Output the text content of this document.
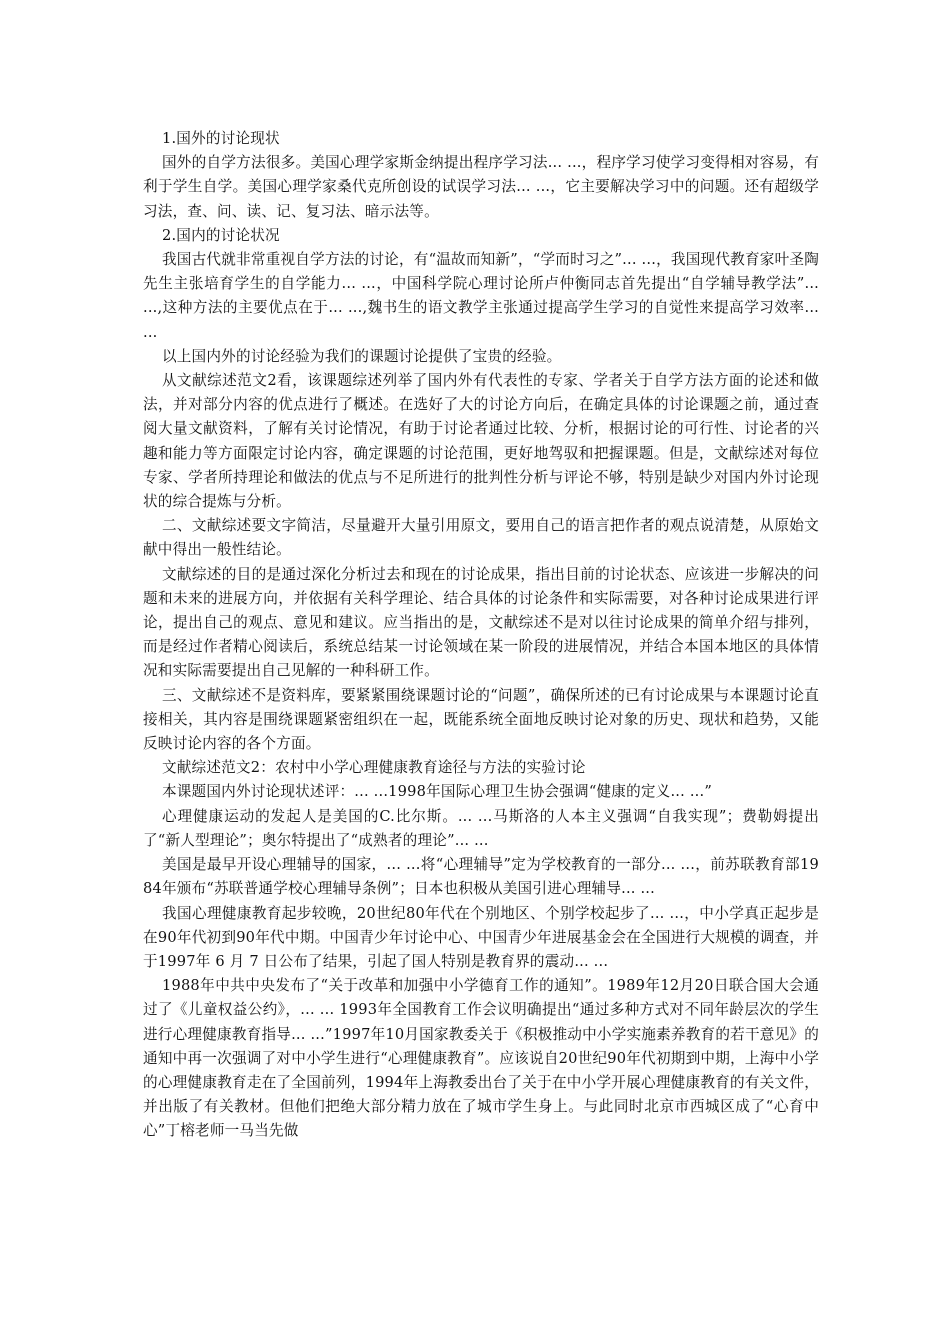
1.国外的讨论现状

国外的自学方法很多。美国心理学家斯金纳提出程序学习法... ...，程序学习使学习变得相对容易，有利于学生自学。美国心理学家桑代克所创设的试误学习法... ...，它主要解决学习中的问题。还有超级学习法，查、问、读、记、复习法、暗示法等。

2.国内的讨论状况

我国古代就非常重视自学方法的讨论，有“温故而知新”，“学而时习之”... ...，我国现代教育家叶圣陶先生主张培育学生的自学能力... ...，中国科学院心理讨论所卢仲衡同志首先提出“自学辅导教学法”... ...,这种方法的主要优点在于... ...,魏书生的语文教学主张通过提高学生学习的自觉性来提高学习效率... ...

以上国内外的讨论经验为我们的课题讨论提供了宝贵的经验。

从文献综述范文2看，该课题综述列举了国内外有代表性的专家、学者关于自学方法方面的论述和做法，并对部分内容的优点进行了概述。在选好了大的讨论方向后，在确定具体的讨论课题之前，通过查阅大量文献资料，了解有关讨论情况，有助于讨论者通过比较、分析，根据讨论的可行性、讨论者的兴趣和能力等方面限定讨论内容，确定课题的讨论范围，更好地驾驭和把握课题。但是，文献综述对每位专家、学者所持理论和做法的优点与不足所进行的批判性分析与评论不够，特别是缺少对国内外讨论现状的综合提炼与分析。

二、文献综述要文字简洁，尽量避开大量引用原文，要用自己的语言把作者的观点说清楚，从原始文献中得出一般性结论。

文献综述的目的是通过深化分析过去和现在的讨论成果，指出目前的讨论状态、应该进一步解决的问题和未来的进展方向，并依据有关科学理论、结合具体的讨论条件和实际需要，对各种讨论成果进行评论，提出自己的观点、意见和建议。应当指出的是，文献综述不是对以往讨论成果的简单介绍与排列，而是经过作者精心阅读后，系统总结某一讨论领域在某一阶段的进展情况，并结合本国本地区的具体情况和实际需要提出自己见解的一种科研工作。

三、文献综述不是资料库，要紧紧围绕课题讨论的“问题”，确保所述的已有讨论成果与本课题讨论直接相关，其内容是围绕课题紧密组织在一起，既能系统全面地反映讨论对象的历史、现状和趋势，又能反映讨论内容的各个方面。

文献综述范文2：农村中小学心理健康教育途径与方法的实验讨论

本课题国内外讨论现状述评：... ...1998年国际心理卫生协会强调“健康的定义... ...”

心理健康运动的发起人是美国的C.比尔斯。... ...马斯洛的人本主义强调“自我实现”；费勒姆提出了“新人型理论”；奥尔特提出了“成熟者的理论”... ...

美国是最早开设心理辅导的国家，... ...将“心理辅导”定为学校教育的一部分... ...，前苏联教育部1984年颁布“苏联普通学校心理辅导条例”；日本也积极从美国引进心理辅导... ...

我国心理健康教育起步较晚，20世纪80年代在个别地区、个别学校起步了... ...，中小学真正起步是在90年代初到90年代中期。中国青少年讨论中心、中国青少年进展基金会在全国进行大规模的调查，并于1997年 6 月 7 日公布了结果，引起了国人特别是教育界的震动... ...

1988年中共中央发布了“关于改革和加强中小学德育工作的通知”。1989年12月20日联合国大会通过了《儿童权益公约》，... ... 1993年全国教育工作会议明确提出“通过多种方式对不同年龄层次的学生进行心理健康教育指导... ...”1997年10月国家教委关于《积极推动中小学实施素养教育的若干意见》的通知中再一次强调了对中小学生进行“心理健康教育”。应该说自20世纪90年代初期到中期，上海中小学的心理健康教育走在了全国前列，1994年上海教委出台了关于在中小学开展心理健康教育的有关文件，并出版了有关教材。但他们把绝大部分精力放在了城市学生身上。与此同时北京市西城区成了“心育中心”丁榕老师一马当先做
